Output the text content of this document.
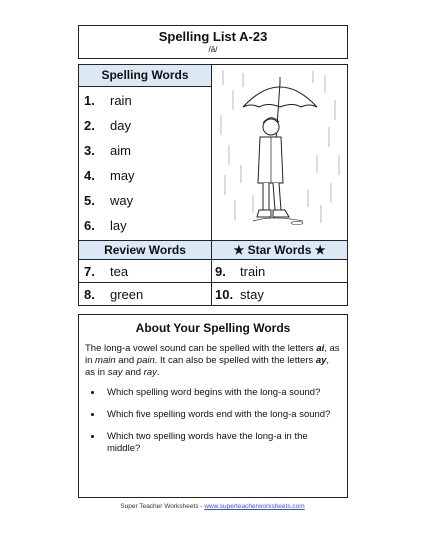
Spelling List A-23
/ā/
Spelling Words
1. rain
2. day
3. aim
4. may
5. way
6. lay
Review Words	★ Star Words ★
7. tea	9. train
8. green	10. stay
About Your Spelling Words
The long-a vowel sound can be spelled with the letters ai, as in main and pain. It can also be spelled with the letters ay, as in say and ray.
• Which spelling word begins with the long-a sound?
• Which five spelling words end with the long-a sound?
• Which two spelling words have the long-a in the middle?
Super Teacher Worksheets - www.superteacherworksheets.com
